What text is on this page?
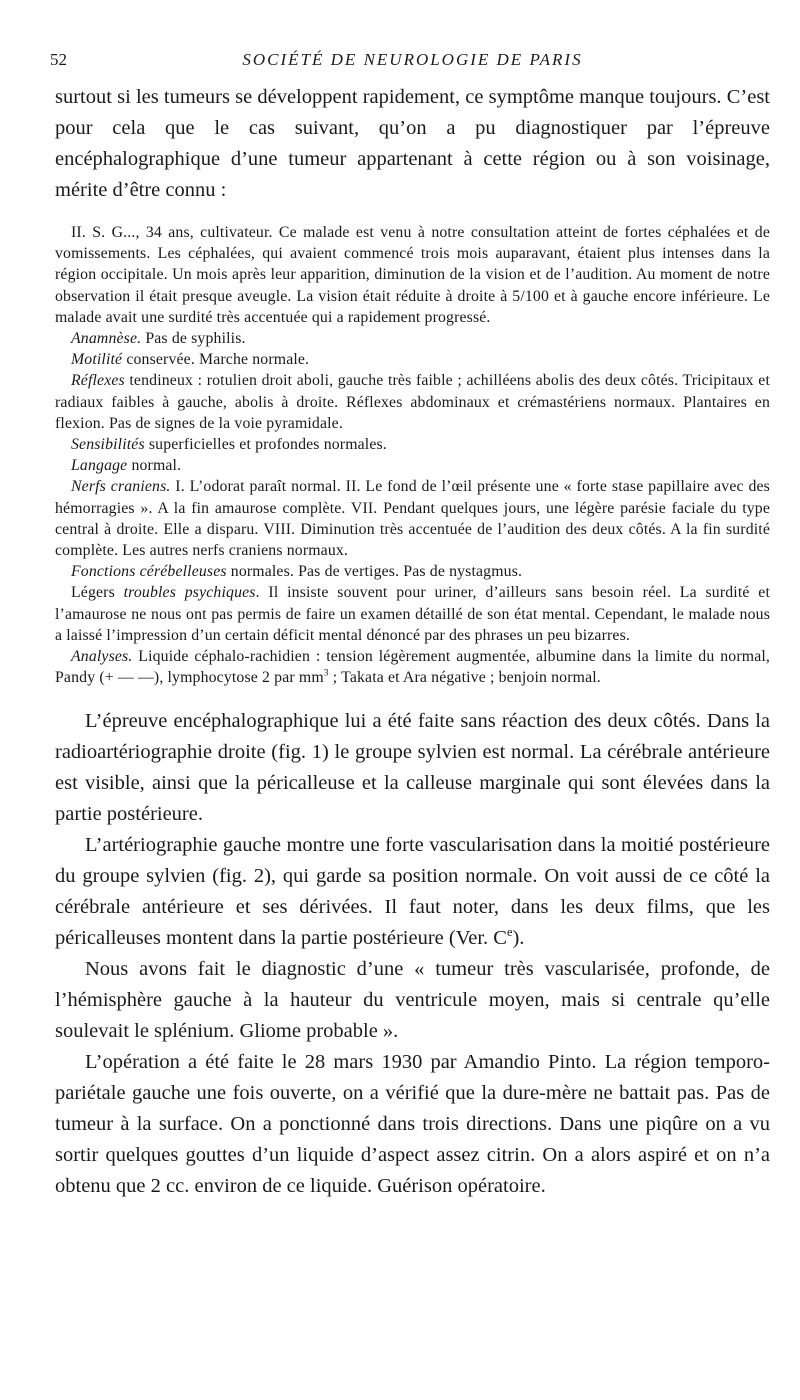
52	SOCIÉTÉ DE NEUROLOGIE DE PARIS

surtout si les tumeurs se développent rapidement, ce symptôme manque toujours. C’est pour cela que le cas suivant, qu’on a pu diagnostiquer par l’épreuve encéphalographique d’une tumeur appartenant à cette région ou à son voisinage, mérite d’être connu :

II. S. G..., 34 ans, cultivateur. Ce malade est venu à notre consultation atteint de fortes céphalées et de vomissements. Les céphalées, qui avaient commencé trois mois auparavant, étaient plus intenses dans la région occipitale. Un mois après leur apparition, diminution de la vision et de l’audition. Au moment de notre observation il était presque aveugle. La vision était réduite à droite à 5/100 et à gauche encore inférieure. Le malade avait une surdité très accentuée qui a rapidement progressé.

Anamnèse. Pas de syphilis.

Motilité conservée. Marche normale.

Réflexes tendineux : rotulien droit aboli, gauche très faible ; achilléens abolis des deux côtés. Tricipitaux et radiaux faibles à gauche, abolis à droite. Réflexes abdominaux et crémastériens normaux. Plantaires en flexion. Pas de signes de la voie pyramidale.

Sensibilités superficielles et profondes normales.

Langage normal.

Nerfs craniens. I. L’odorat paraît normal. II. Le fond de l’œil présente une « forte stase papillaire avec des hémorragies ». A la fin amaurose complète. VII. Pendant quelques jours, une légère parésie faciale du type central à droite. Elle a disparu. VIII. Diminution très accentuée de l’audition des deux côtés. A la fin surdité complète. Les autres nerfs craniens normaux.

Fonctions cérébelleuses normales. Pas de vertiges. Pas de nystagmus.

Légers troubles psychiques. Il insiste souvent pour uriner, d’ailleurs sans besoin réel. La surdité et l’amaurose ne nous ont pas permis de faire un examen détaillé de son état mental. Cependant, le malade nous a laissé l’impression d’un certain déficit mental dénoncé par des phrases un peu bizarres.

Analyses. Liquide céphalo-rachidien : tension légèrement augmentée, albumine dans la limite du normal, Pandy (+ — —), lymphocytose 2 par $mm^3$ ; Takata et Ara négative ; benjoin normal.

L’épreuve encéphalographique lui a été faite sans réaction des deux côtés. Dans la radioartériographie droite (fig. 1) le groupe sylvien est normal. La cérébrale antérieure est visible, ainsi que la péricalleuse et la calleuse marginale qui sont élevées dans la partie postérieure.

L’artériographie gauche montre une forte vascularisation dans la moitié postérieure du groupe sylvien (fig. 2), qui garde sa position normale. On voit aussi de ce côté la cérébrale antérieure et ses dérivées. Il faut noter, dans les deux films, que les péricalleuses montent dans la partie postérieure (Ver. Ce).

Nous avons fait le diagnostic d’une « tumeur très vascularisée, profonde, de l’hémisphère gauche à la hauteur du ventricule moyen, mais si centrale qu’elle soulevait le splénium. Gliome probable ».

L’opération a été faite le 28 mars 1930 par Amandio Pinto. La région temporo-pariétale gauche une fois ouverte, on a vérifié que la dure-mère ne battait pas. Pas de tumeur à la surface. On a ponctionné dans trois directions. Dans une piqûre on a vu sortir quelques gouttes d’un liquide d’aspect assez citrin. On a alors aspiré et on n’a obtenu que 2 cc. environ de ce liquide. Guérison opératoire.
